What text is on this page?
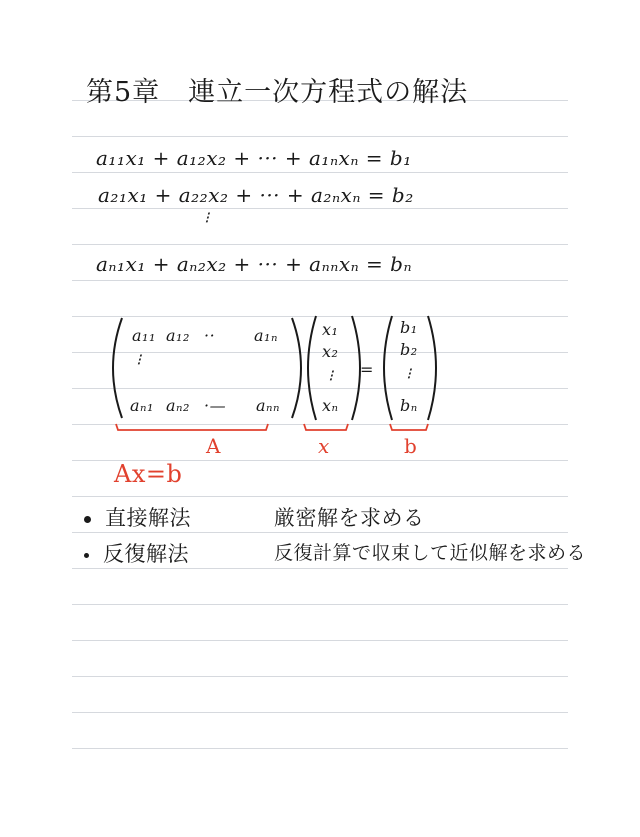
第5章　連立一次方程式の解法
a₁₁x₁ + a₁₂x₂ + ··· + a₁ₙxₙ = b₁
a₂₁x₁ + a₂₂x₂ + ··· + a₂ₙxₙ = b₂
⁝
aₙ₁x₁ + aₙ₂x₂ + ··· + aₙₙxₙ = bₙ
a₁₁ a₁₂ ·· a₁ₙ
⁝
aₙ₁ aₙ₂ ·— aₙₙ
x₁
x₂
⁝
xₙ
=
b₁
b₂
⁝
bₙ
A	x	b
Ax=b
直接解法	厳密解を求める
反復解法	反復計算で収束して近似解を求める
